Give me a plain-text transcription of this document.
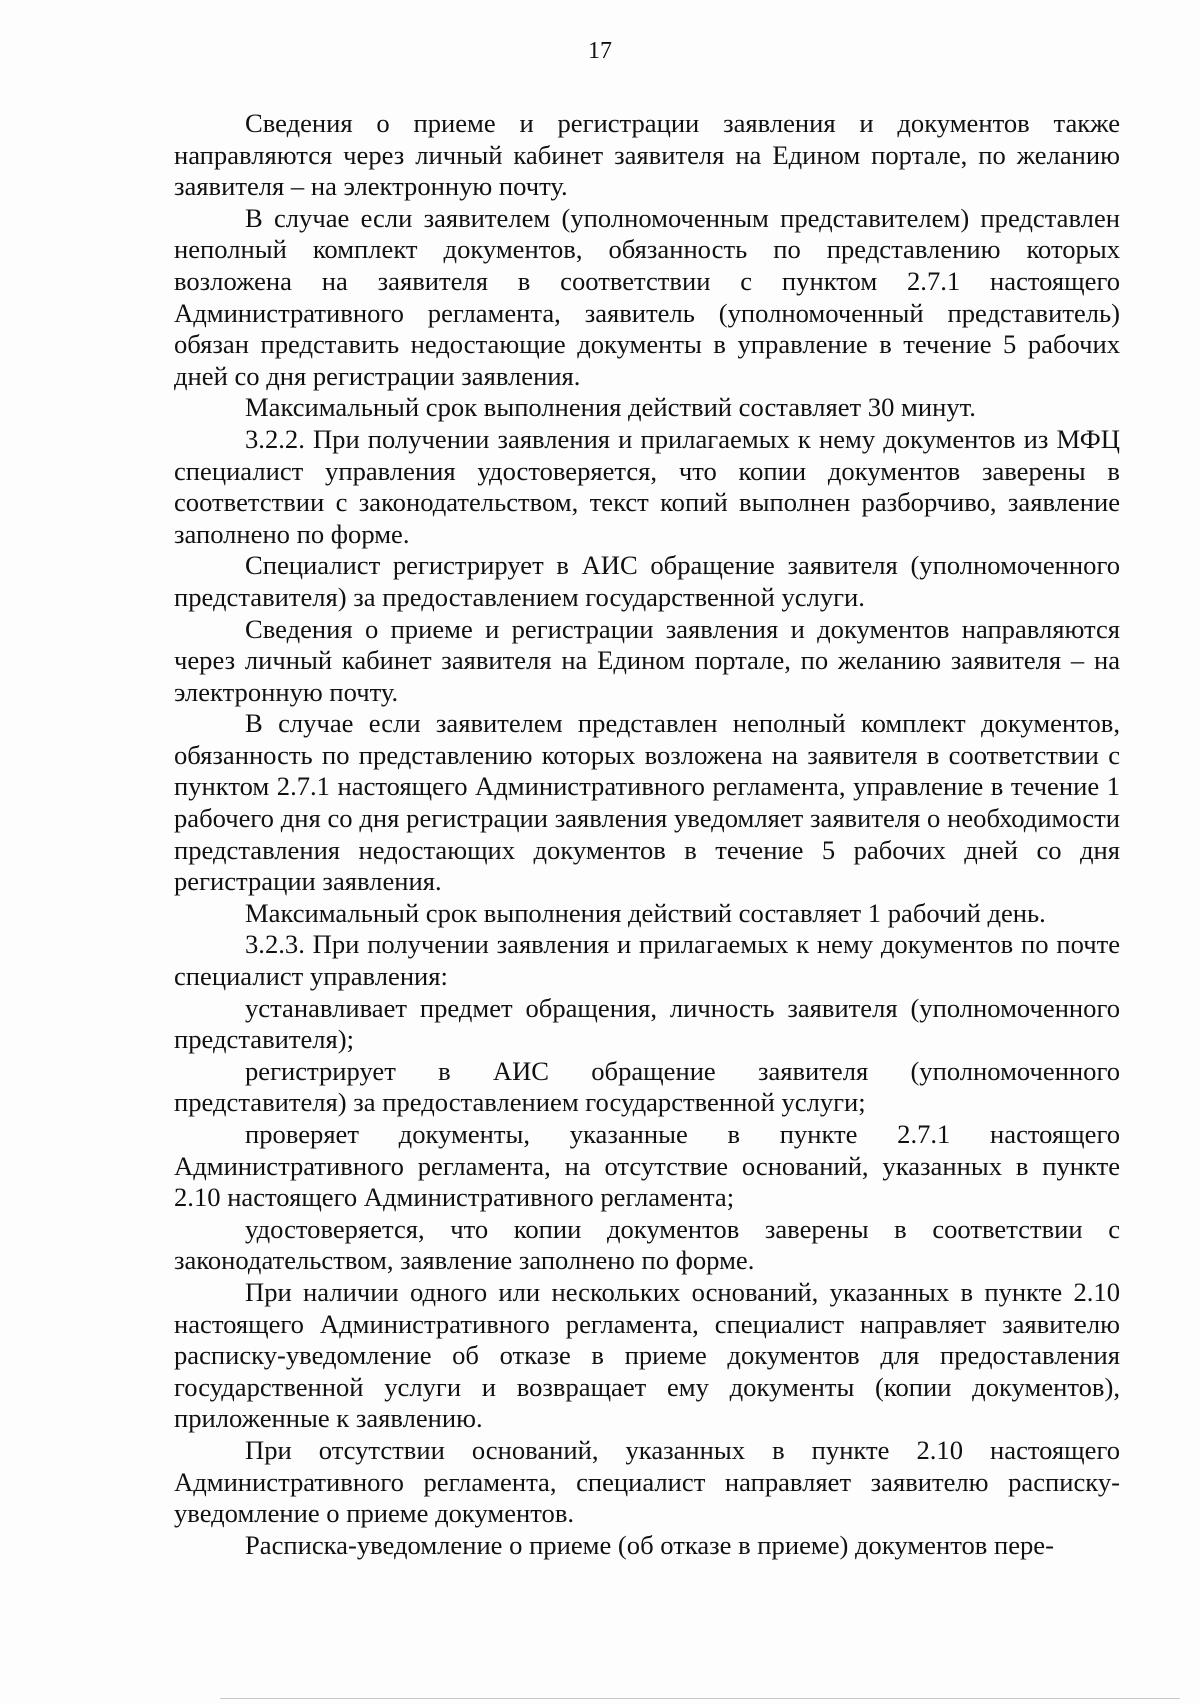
17

Сведения о приеме и регистрации заявления и документов также направляются через личный кабинет заявителя на Едином портале, по желанию заявителя – на электронную почту.

В случае если заявителем (уполномоченным представителем) представлен неполный комплект документов, обязанность по представлению которых возложена на заявителя в соответствии с пунктом 2.7.1 настоящего Административного регламента, заявитель (уполномоченный представитель) обязан представить недостающие документы в управление в течение 5 рабочих дней со дня регистрации заявления.

Максимальный срок выполнения действий составляет 30 минут.

3.2.2. При получении заявления и прилагаемых к нему документов из МФЦ специалист управления удостоверяется, что копии документов заверены в соответствии с законодательством, текст копий выполнен разборчиво, заявление заполнено по форме.

Специалист регистрирует в АИС обращение заявителя (уполномоченного представителя) за предоставлением государственной услуги.

Сведения о приеме и регистрации заявления и документов направляются через личный кабинет заявителя на Едином портале, по желанию заявителя – на электронную почту.

В случае если заявителем представлен неполный комплект документов, обязанность по представлению которых возложена на заявителя в соответствии с пунктом 2.7.1 настоящего Административного регламента, управление в течение 1 рабочего дня со дня регистрации заявления уведомляет заявителя о необходимости представления недостающих документов в течение 5 рабочих дней со дня регистрации заявления.

Максимальный срок выполнения действий составляет 1 рабочий день.

3.2.3. При получении заявления и прилагаемых к нему документов по почте специалист управления:

устанавливает предмет обращения, личность заявителя (уполномоченного представителя);

регистрирует в АИС обращение заявителя (уполномоченного представителя) за предоставлением государственной услуги;

проверяет документы, указанные в пункте 2.7.1 настоящего Административного регламента, на отсутствие оснований, указанных в пункте 2.10 настоящего Административного регламента;

удостоверяется, что копии документов заверены в соответствии с законодательством, заявление заполнено по форме.

При наличии одного или нескольких оснований, указанных в пункте 2.10 настоящего Административного регламента, специалист направляет заявителю расписку-уведомление об отказе в приеме документов для предоставления государственной услуги и возвращает ему документы (копии документов), приложенные к заявлению.

При отсутствии оснований, указанных в пункте 2.10 настоящего Административного регламента, специалист направляет заявителю расписку-уведомление о приеме документов.

Расписка-уведомление о приеме (об отказе в приеме) документов пере-
